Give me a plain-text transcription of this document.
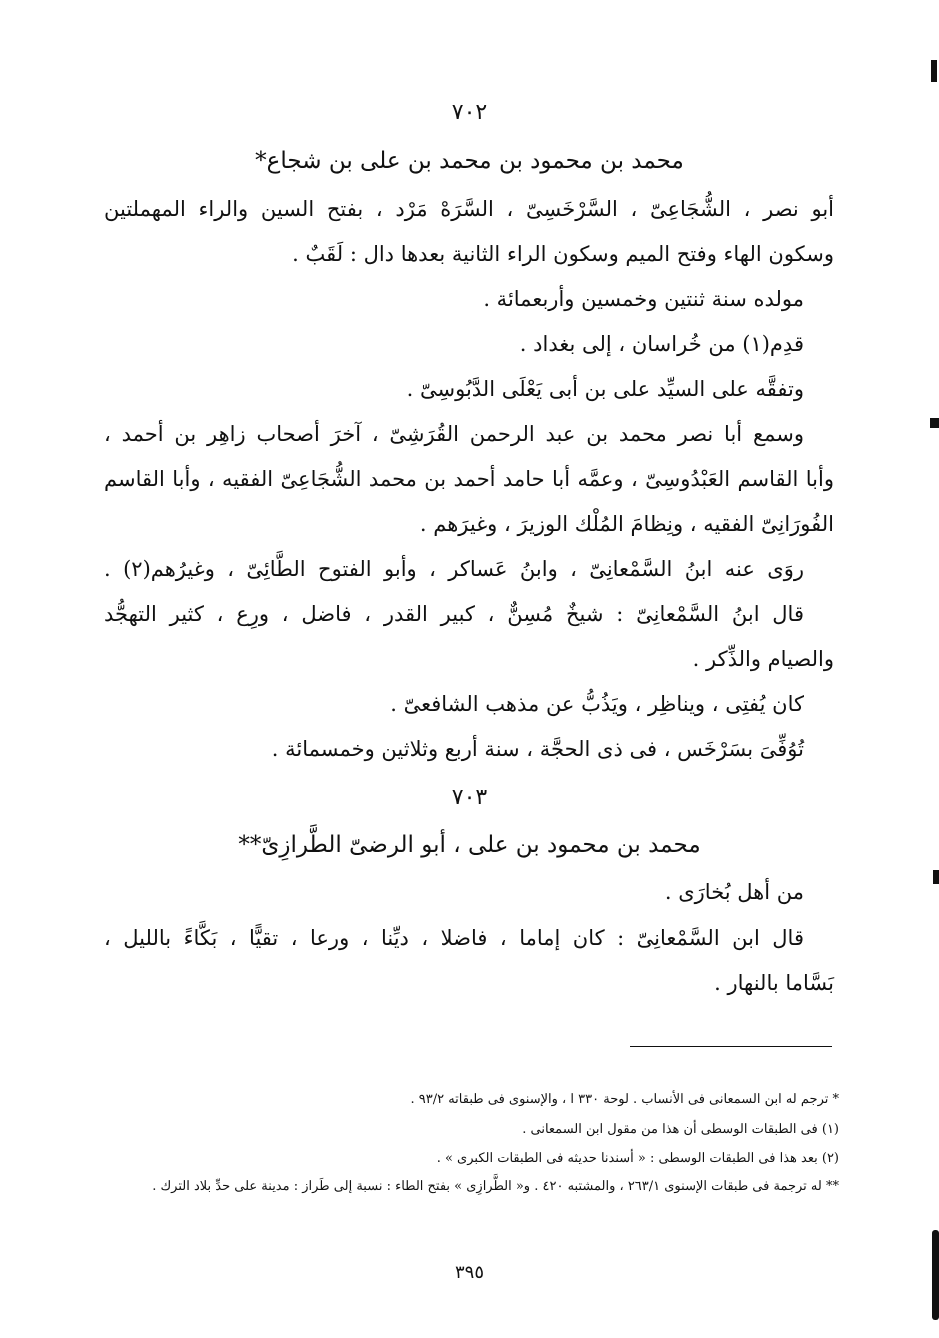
٧٠٢
محمد بن محمود بن محمد بن على بن شجاع*
أبو نصر ، الشُّجَاعِىّ ، السَّرْخَسِىّ ، السَّرَهْ مَرْد ، بفتح السين والراء المهملتين
وسكون الهاء وفتح الميم وسكون الراء الثانية بعدها دال : لَقَبٌ .
مولده سنة ثنتين وخمسين وأربعمائة .
قدِم(١) من خُراسان ، إلى بغداد .
وتفقَّه على السيِّد على بن أبى يَعْلَى الدَّبُوسِىّ .
وسمع أبا نصر محمد بن عبد الرحمن القُرَشِىّ ، آخرَ أصحاب زاهِر بن أحمد ،
وأبا القاسم العَبْدُوسِىّ ، وعمَّه أبا حامد أحمد بن محمد الشُّجَاعِىّ الفقيه ، وأبا القاسم
الفُورَانِىّ الفقيه ، ونِظامَ المُلْك الوزيرَ ، وغيرَهم .
روَى عنه ابنُ السَّمْعانِىّ ، وابنُ عَساكر ، وأبو الفتوح الطَّائِىّ ، وغيرُهم(٢) .
قال ابنُ السَّمْعانِىّ : شيخٌ مُسِنٌّ ، كبير القدر ، فاضل ، ورِع ، كثير التهجُّد
والصيام والذِّكر .
كان يُفتِى ، ويناظِر ، ويَذُبُّ عن مذهب الشافعىّ .
تُوُفِّىَ بسَرْخَس ، فى ذى الحجَّة ، سنة أربع وثلاثين وخمسمائة .
٧٠٣
محمد بن محمود بن على ، أبو الرضىّ الطَّرازِىّ**
من أهل بُخارَى .
قال ابن السَّمْعانِىّ : كان إماما ، فاضلا ، ديِّنا ، ورعا ، تقيًّا ، بَكَّاءً بالليل ،
بَسَّاما بالنهار .
* ترجم له ابن السمعانى فى الأنساب . لوحة ٣٣٠ ا ، والإسنوى فى طبقاته ٩٣/٢ .
(١) فى الطبقات الوسطى أن هذا من مقول ابن السمعانى .
(٢) بعد هذا فى الطبقات الوسطى : « أسندنا حديثه فى الطبقات الكبرى » .
** له ترجمة فى طبقات الإسنوى ٢٦٣/١ ، والمشتبه ٤٢٠ . و« الطَّرازِى » بفتح الطاء : نسبة إلى طَراز : مدينة على حدِّ بلاد الترك .
٣٩٥
